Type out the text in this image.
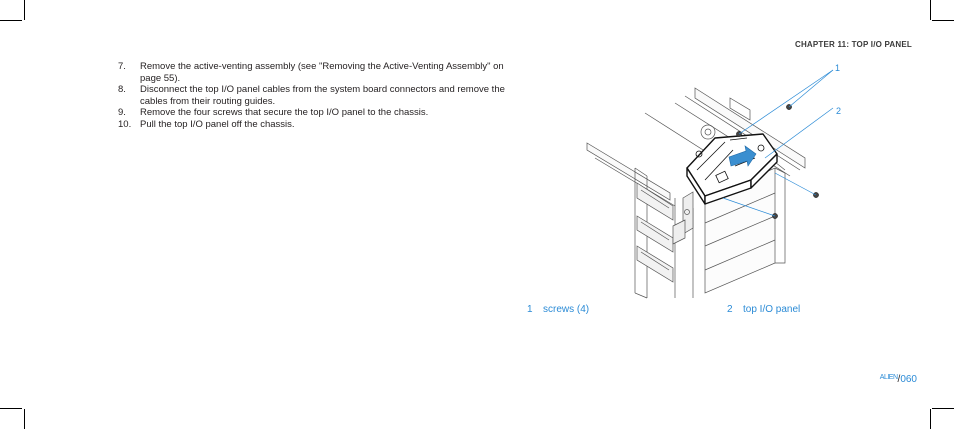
CHAPTER 11: TOP I/O PANEL
7. Remove the active-venting assembly (see "Removing the Active-Venting Assembly" on page 55).
8. Disconnect the top I/O panel cables from the system board connectors and remove the cables from their routing guides.
9. Remove the four screws that secure the top I/O panel to the chassis.
10. Pull the top I/O panel off the chassis.
1
2
1 screws (4)	2 top I/O panel
$^{ALIEN}$/060
